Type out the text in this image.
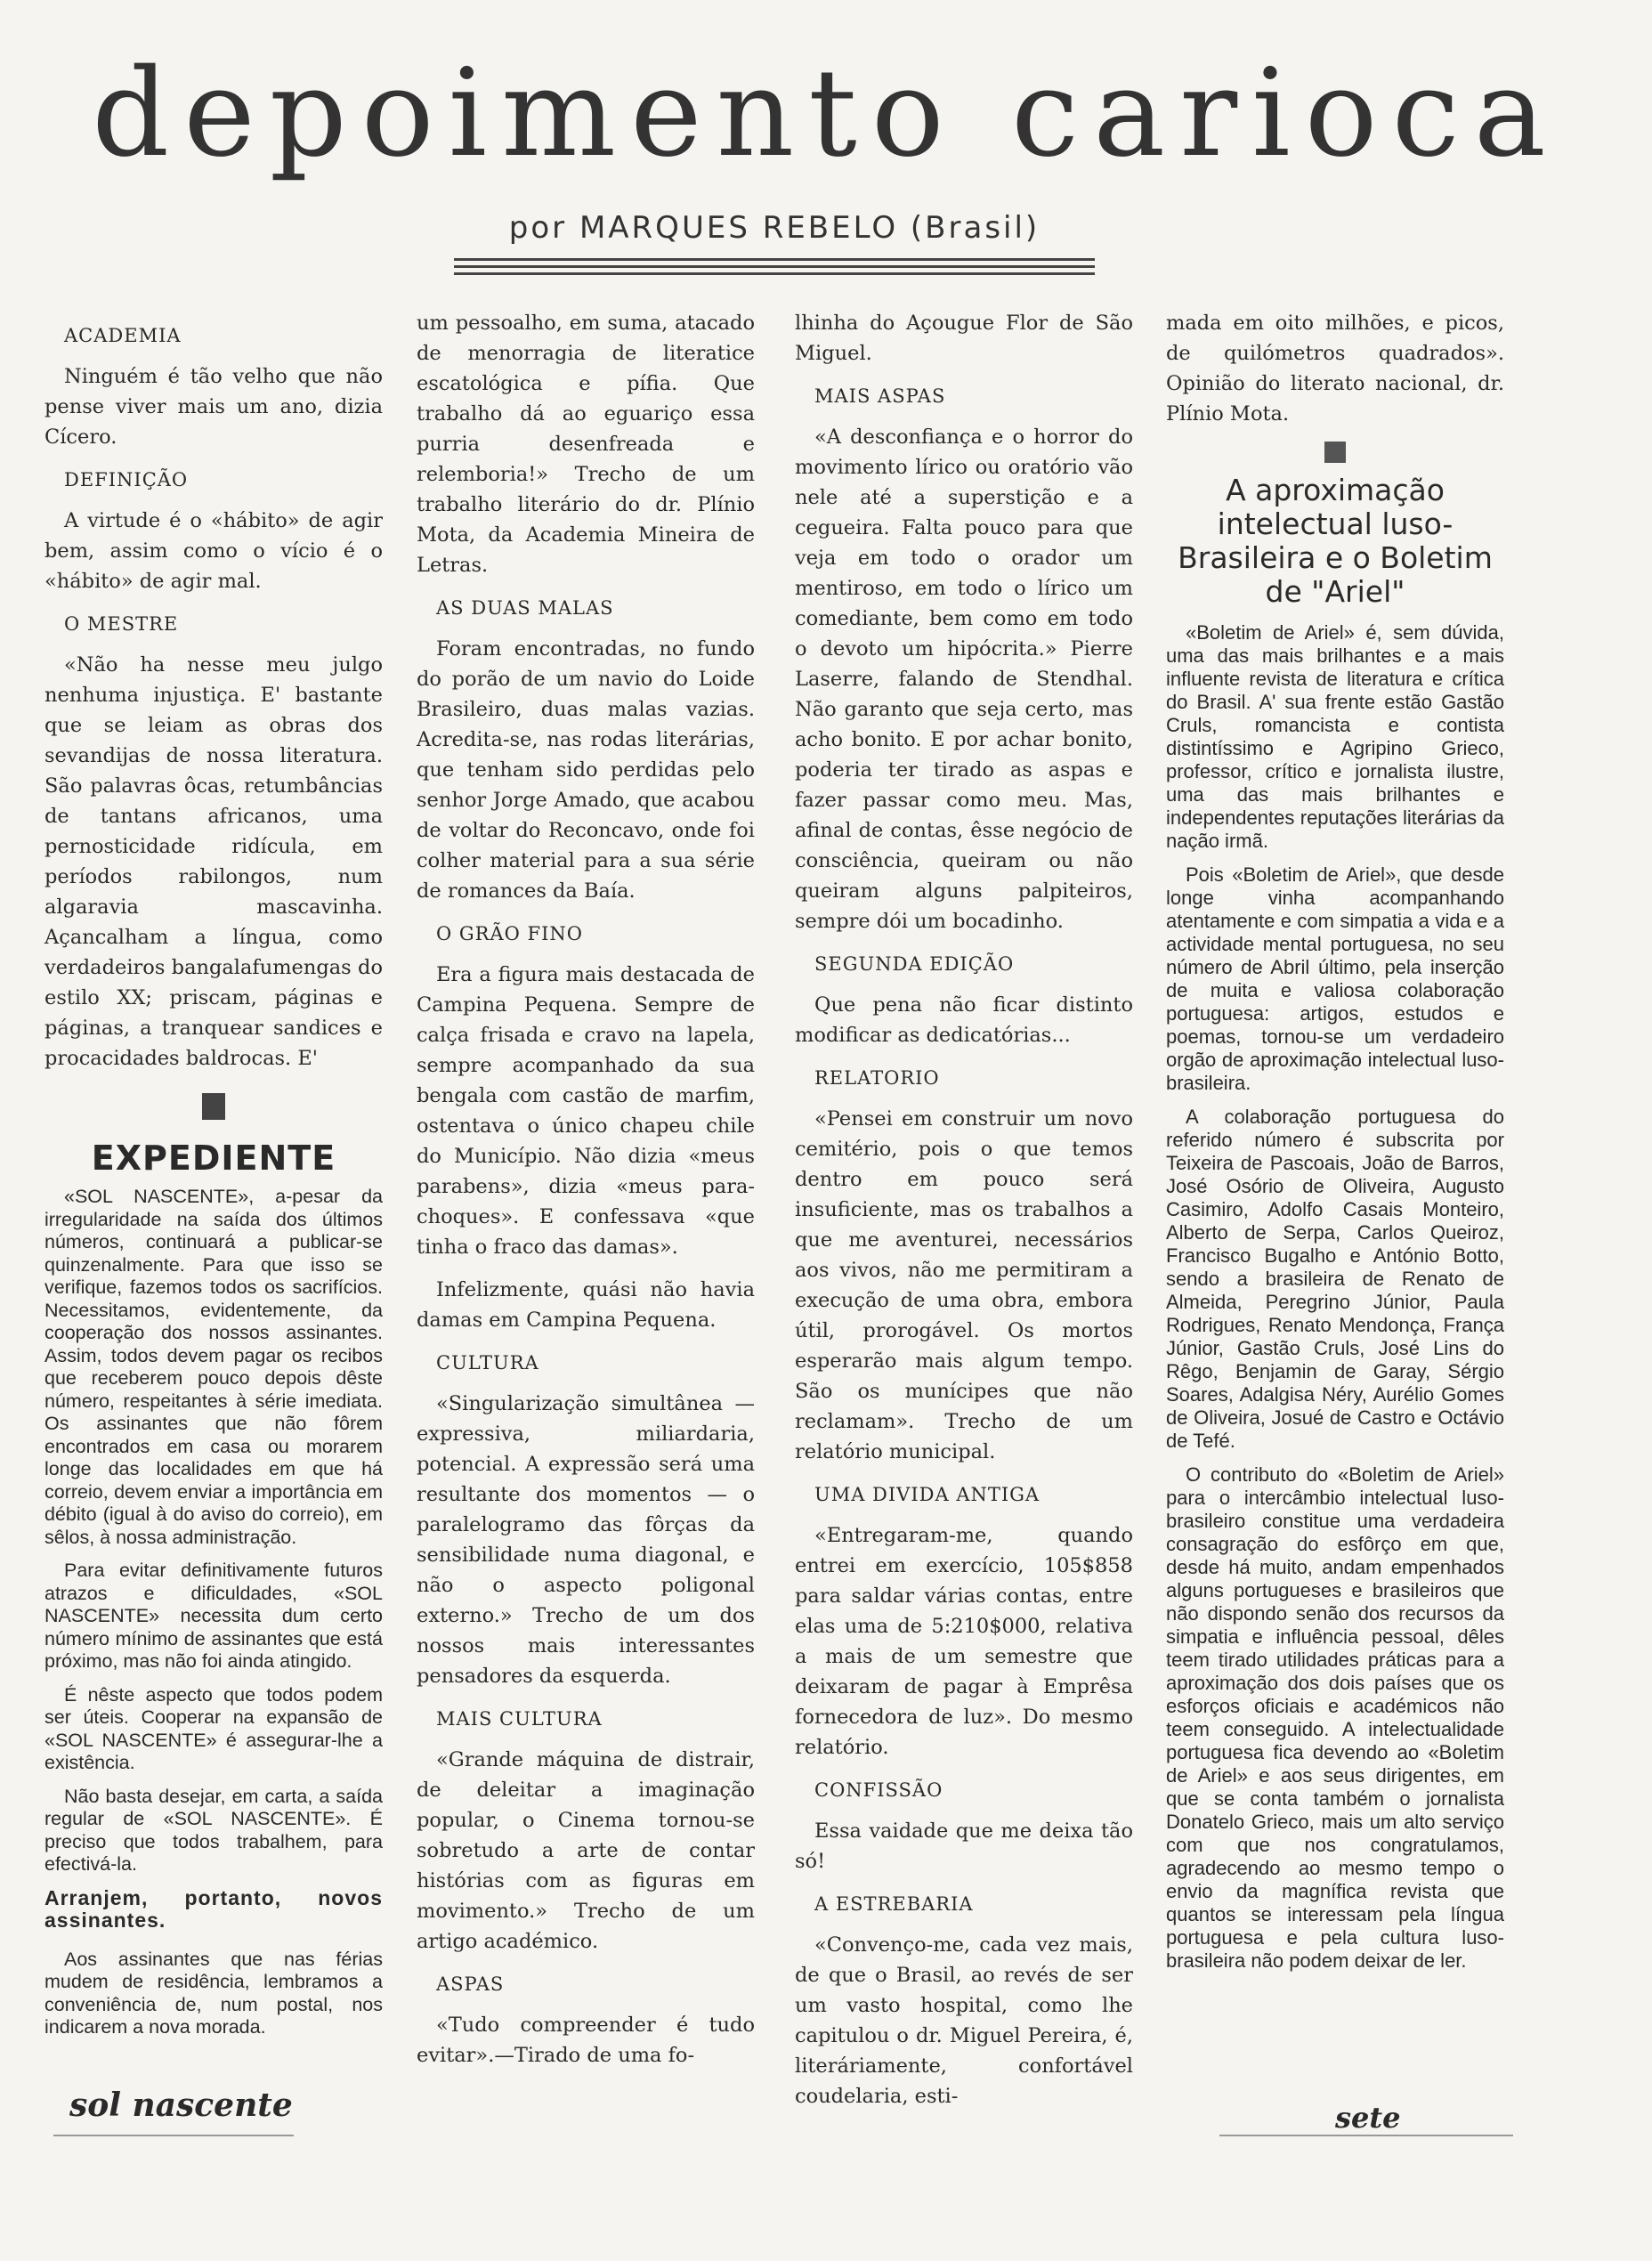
depoimento carioca
por MARQUES REBELO (Brasil)
ACADEMIA

Ninguém é tão velho que não pense viver mais um ano, dizia Cícero.

DEFINIÇÃO

A virtude é o «hábito» de agir bem, assim como o vício é o «hábito» de agir mal.

O MESTRE

«Não ha nesse meu julgo nenhuma injustiça. E' bastante que se leiam as obras dos sevandijas de nossa literatura. São palavras ôcas, retumbâncias de tantans africanos, uma pernosticidade ridícula, em períodos rabilongos, num algaravia mascavinha. Açancalham a língua, como verdadeiros bangalafumengas do estilo XX; priscam, páginas e páginas, a tranquear sandices e procacidades baldrocas. E'

EXPEDIENTE

«SOL NASCENTE», a-pesar da irregularidade na saída dos últimos números, continuará a publicar-se quinzenalmente. Para que isso se verifique, fazemos todos os sacrifícios. Necessitamos, evidentemente, da cooperação dos nossos assinantes. Assim, todos devem pagar os recibos que receberem pouco depois dêste número, respeitantes à série imediata. Os assinantes que não fôrem encontrados em casa ou morarem longe das localidades em que há correio, devem enviar a importância em débito (igual à do aviso do correio), em sêlos, à nossa administração.

Para evitar definitivamente futuros atrazos e dificuldades, «SOL NASCENTE» necessita dum certo número mínimo de assinantes que está próximo, mas não foi ainda atingido.

É nêste aspecto que todos podem ser úteis. Cooperar na expansão de «SOL NASCENTE» é assegurar-lhe a existência.

Não basta desejar, em carta, a saída regular de «SOL NASCENTE». É preciso que todos trabalhem, para efectivá-la.

Arranjem, portanto, novos assinantes.

Aos assinantes que nas férias mudem de residência, lembramos a conveniência de, num postal, nos indicarem a nova morada.

um pessoalho, em suma, atacado de menorragia de literatice escatológica e pífia. Que trabalho dá ao eguariço essa purria desenfreada e relemboria!» Trecho de um trabalho literário do dr. Plínio Mota, da Academia Mineira de Letras.

AS DUAS MALAS

Foram encontradas, no fundo do porão de um navio do Loide Brasileiro, duas malas vazias. Acredita-se, nas rodas literárias, que tenham sido perdidas pelo senhor Jorge Amado, que acabou de voltar do Reconcavo, onde foi colher material para a sua série de romances da Baía.

O GRÃO FINO

Era a figura mais destacada de Campina Pequena. Sempre de calça frisada e cravo na lapela, sempre acompanhado da sua bengala com castão de marfim, ostentava o único chapeu chile do Município. Não dizia «meus parabens», dizia «meus para-choques». E confessava «que tinha o fraco das damas».

Infelizmente, quási não havia damas em Campina Pequena.

CULTURA

«Singularização simultânea — expressiva, miliardaria, potencial. A expressão será uma resultante dos momentos — o paralelogramo das fôrças da sensibilidade numa diagonal, e não o aspecto poligonal externo.» Trecho de um dos nossos mais interessantes pensadores da esquerda.

MAIS CULTURA

«Grande máquina de distrair, de deleitar a imaginação popular, o Cinema tornou-se sobretudo a arte de contar histórias com as figuras em movimento.» Trecho de um artigo académico.

ASPAS

«Tudo compreender é tudo evitar».—Tirado de uma fo-

lhinha do Açougue Flor de São Miguel.

MAIS ASPAS

«A desconfiança e o horror do movimento lírico ou oratório vão nele até a superstição e a cegueira. Falta pouco para que veja em todo o orador um mentiroso, em todo o lírico um comediante, bem como em todo o devoto um hipócrita.» Pierre Laserre, falando de Stendhal. Não garanto que seja certo, mas acho bonito. E por achar bonito, poderia ter tirado as aspas e fazer passar como meu. Mas, afinal de contas, êsse negócio de consciência, queiram ou não queiram alguns palpiteiros, sempre dói um bocadinho.

SEGUNDA EDIÇÃO

Que pena não ficar distinto modificar as dedicatórias...

RELATORIO

«Pensei em construir um novo cemitério, pois o que temos dentro em pouco será insuficiente, mas os trabalhos a que me aventurei, necessários aos vivos, não me permitiram a execução de uma obra, embora útil, prorogável. Os mortos esperarão mais algum tempo. São os munícipes que não reclamam». Trecho de um relatório municipal.

UMA DIVIDA ANTIGA

«Entregaram-me, quando entrei em exercício, 105$858 para saldar várias contas, entre elas uma de 5:210$000, relativa a mais de um semestre que deixaram de pagar à Emprêsa fornecedora de luz». Do mesmo relatório.

CONFISSÃO

Essa vaidade que me deixa tão só!

A ESTREBARIA

«Convenço-me, cada vez mais, de que o Brasil, ao revés de ser um vasto hospital, como lhe capitulou o dr. Miguel Pereira, é, literáriamente, confortável coudelaria, esti-

mada em oito milhões, e picos, de quilómetros quadrados». Opinião do literato nacional, dr. Plínio Mota.

A aproximação intelectual luso-Brasileira e o Boletim de "Ariel"

«Boletim de Ariel» é, sem dúvida, uma das mais brilhantes e a mais influente revista de literatura e crítica do Brasil. A' sua frente estão Gastão Cruls, romancista e contista distintíssimo e Agripino Grieco, professor, crítico e jornalista ilustre, uma das mais brilhantes e independentes reputações literárias da nação irmã.

Pois «Boletim de Ariel», que desde longe vinha acompanhando atentamente e com simpatia a vida e a actividade mental portuguesa, no seu número de Abril último, pela inserção de muita e valiosa colaboração portuguesa: artigos, estudos e poemas, tornou-se um verdadeiro orgão de aproximação intelectual luso-brasileira.

A colaboração portuguesa do referido número é subscrita por Teixeira de Pascoais, João de Barros, José Osório de Oliveira, Augusto Casimiro, Adolfo Casais Monteiro, Alberto de Serpa, Carlos Queiroz, Francisco Bugalho e António Botto, sendo a brasileira de Renato de Almeida, Peregrino Júnior, Paula Rodrigues, Renato Mendonça, França Júnior, Gastão Cruls, José Lins do Rêgo, Benjamin de Garay, Sérgio Soares, Adalgisa Néry, Aurélio Gomes de Oliveira, Josué de Castro e Octávio de Tefé.

O contributo do «Boletim de Ariel» para o intercâmbio intelectual luso-brasileiro constitue uma verdadeira consagração do esfôrço em que, desde há muito, andam empenhados alguns portugueses e brasileiros que não dispondo senão dos recursos da simpatia e influência pessoal, dêles teem tirado utilidades práticas para a aproximação dos dois países que os esforços oficiais e académicos não teem conseguido. A intelectualidade portuguesa fica devendo ao «Boletim de Ariel» e aos seus dirigentes, em que se conta também o jornalista Donatelo Grieco, mais um alto serviço com que nos congratulamos, agradecendo ao mesmo tempo o envio da magnífica revista que quantos se interessam pela língua portuguesa e pela cultura luso-brasileira não podem deixar de ler.

sol nascente	sete
